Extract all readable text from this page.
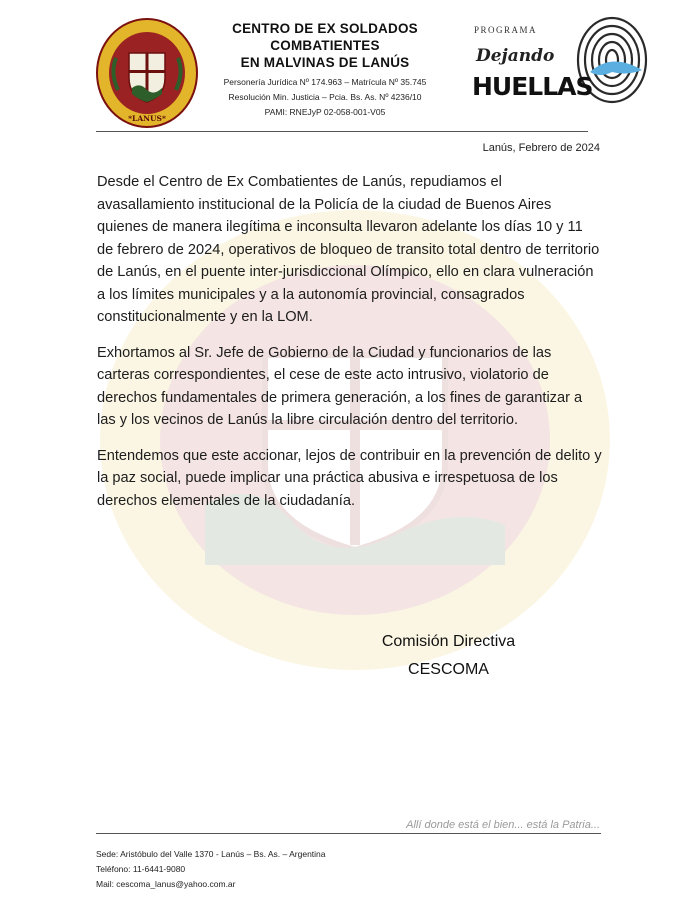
*LANUS*
CENTRO DE EX SOLDADOS
COMBATIENTES
EN MALVINAS DE LANÚS
Personería Jurídica Nº 174.963 – Matrícula Nº 35.745
Resolución Min. Justicia – Pcia. Bs. As. Nº 4236/10
PAMI: RNEJyP 02-058-001-V05
PROGRAMA
Dejando
HUELLAS
Lanús, Febrero de 2024

Desde el Centro de Ex Combatientes de Lanús, repudiamos el avasallamiento institucional de la Policía de la ciudad de Buenos Aires quienes de manera ilegítima e inconsulta llevaron adelante los días 10 y 11 de febrero de 2024, operativos de bloqueo de transito total dentro de territorio de Lanús, en el puente inter-jurisdiccional Olímpico, ello en clara vulneración a los límites municipales y a la autonomía provincial, consagrados constitucionalmente y en la LOM.

Exhortamos al Sr. Jefe de Gobierno de la Ciudad y funcionarios de las carteras correspondientes, el cese de este acto intrusivo, violatorio de derechos fundamentales de primera generación, a los fines de garantizar a las y los vecinos de Lanús la libre circulación dentro del territorio.

Entendemos que este accionar, lejos de contribuir en la prevención de delito y la paz social, puede implicar una práctica abusiva e irrespetuosa de los derechos elementales de la ciudadanía.

Comisión Directiva
CESCOMA
Allí donde está el bien... está la Patria...
Sede: Aristóbulo del Valle 1370 - Lanús – Bs. As. – Argentina
Teléfono: 11-6441-9080
Mail: cescoma_lanus@yahoo.com.ar
